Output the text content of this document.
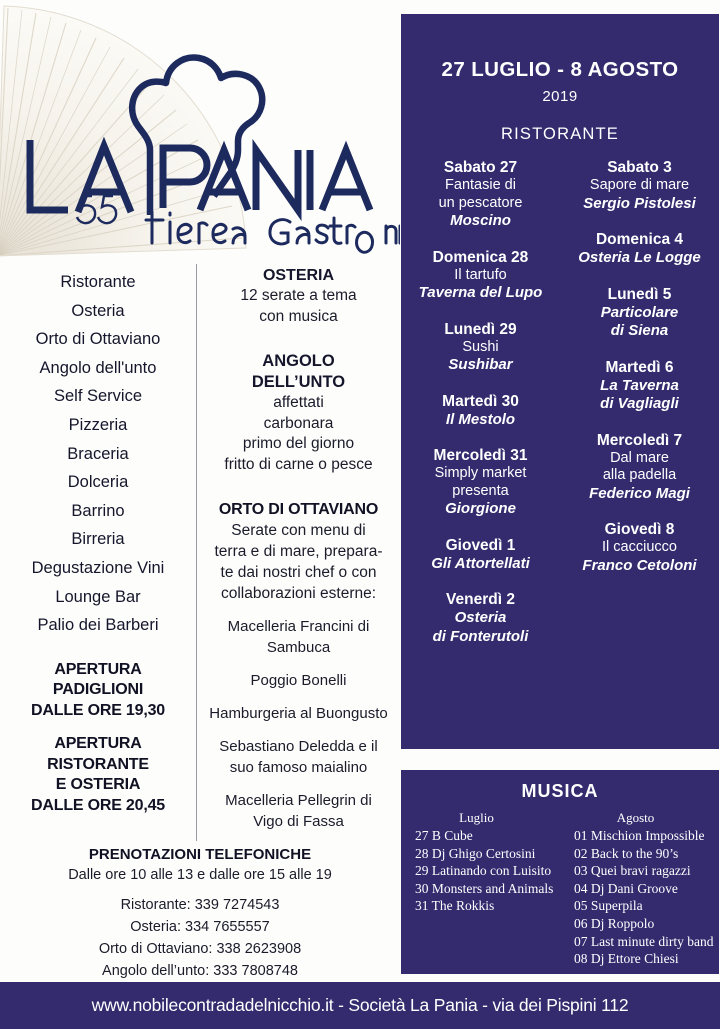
Ristorante
Osteria
Orto di Ottaviano
Angolo dell'unto
Self Service
Pizzeria
Braceria
Dolceria
Barrino
Birreria
Degustazione Vini
Lounge Bar
Palio dei Barberi
APERTURA
PADIGLIONI
DALLE ORE 19,30
APERTURA
RISTORANTE
E OSTERIA
DALLE ORE 20,45
OSTERIA
12 serate a tema
con musica
ANGOLO
DELL’UNTO
affettati
carbonara
primo del giorno
fritto di carne o pesce
ORTO DI OTTAVIANO
Serate con menu di
terra e di mare, prepara-
te dai nostri chef o con
collaborazioni esterne:
Macelleria Francini di
Sambuca
Poggio Bonelli
Hamburgeria al Buongusto
Sebastiano Deledda e il
suo famoso maialino
Macelleria Pellegrin di
Vigo di Fassa
PRENOTAZIONI TELEFONICHE
Dalle ore 10 alle 13 e dalle ore 15 alle 19
Ristorante: 339 7274543
Osteria: 334 7655557
Orto di Ottaviano: 338 2623908
Angolo dell’unto: 333 7808748
27 LUGLIO - 8 AGOSTO
2019
RISTORANTE
Sabato 27
Fantasie di
un pescatore
Moscino
Domenica 28
Il tartufo
Taverna del Lupo
Lunedì 29
Sushi
Sushibar
Martedì 30
Il Mestolo
Mercoledì 31
Simply market
presenta
Giorgione
Giovedì 1
Gli Attortellati
Venerdì 2
Osteria
di Fonterutoli
Sabato 3
Sapore di mare
Sergio Pistolesi
Domenica 4
Osteria Le Logge
Lunedì 5
Particolare
di Siena
Martedì 6
La Taverna
di Vagliagli
Mercoledì 7
Dal mare
alla padella
Federico Magi
Giovedì 8
Il cacciucco
Franco Cetoloni
MUSICA
Luglio
27 B Cube
28 Dj Ghigo Certosini
29 Latinando con Luisito
30 Monsters and Animals
31 The Rokkis
Agosto
01 Mischion Impossible
02 Back to the 90’s
03 Quei bravi ragazzi
04 Dj Dani Groove
05 Superpila
06 Dj Roppolo
07 Last minute dirty band
08 Dj Ettore Chiesi
www.nobilecontradadelnicchio.it - Società La Pania - via dei Pispini 112
